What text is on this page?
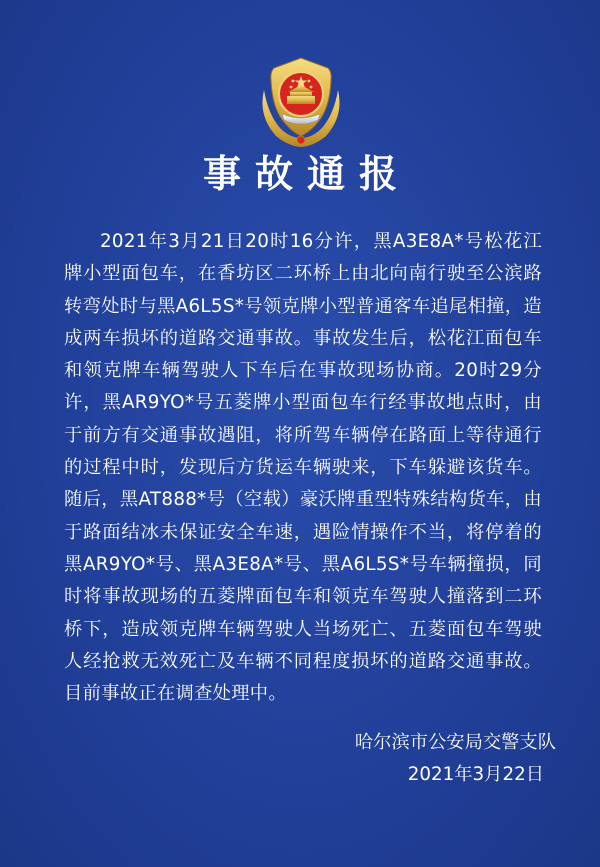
事故通报

2021年3月21日20时16分许，黑A3E8A*号松花江牌小型面包车，在香坊区二环桥上由北向南行驶至公滨路转弯处时与黑A6L5S*号领克牌小型普通客车追尾相撞，造成两车损坏的道路交通事故。事故发生后，松花江面包车和领克牌车辆驾驶人下车后在事故现场协商。20时29分许，黑AR9YO*号五菱牌小型面包车行经事故地点时，由于前方有交通事故遇阻，将所驾车辆停在路面上等待通行的过程中时，发现后方货运车辆驶来，下车躲避该货车。随后，黑AT888*号（空载）豪沃牌重型特殊结构货车，由于路面结冰未保证安全车速，遇险情操作不当，将停着的黑AR9YO*号、黑A3E8A*号、黑A6L5S*号车辆撞损，同时将事故现场的五菱牌面包车和领克车驾驶人撞落到二环桥下，造成领克牌车辆驾驶人当场死亡、五菱面包车驾驶人经抢救无效死亡及车辆不同程度损坏的道路交通事故。目前事故正在调查处理中。

哈尔滨市公安局交警支队
2021年3月22日
